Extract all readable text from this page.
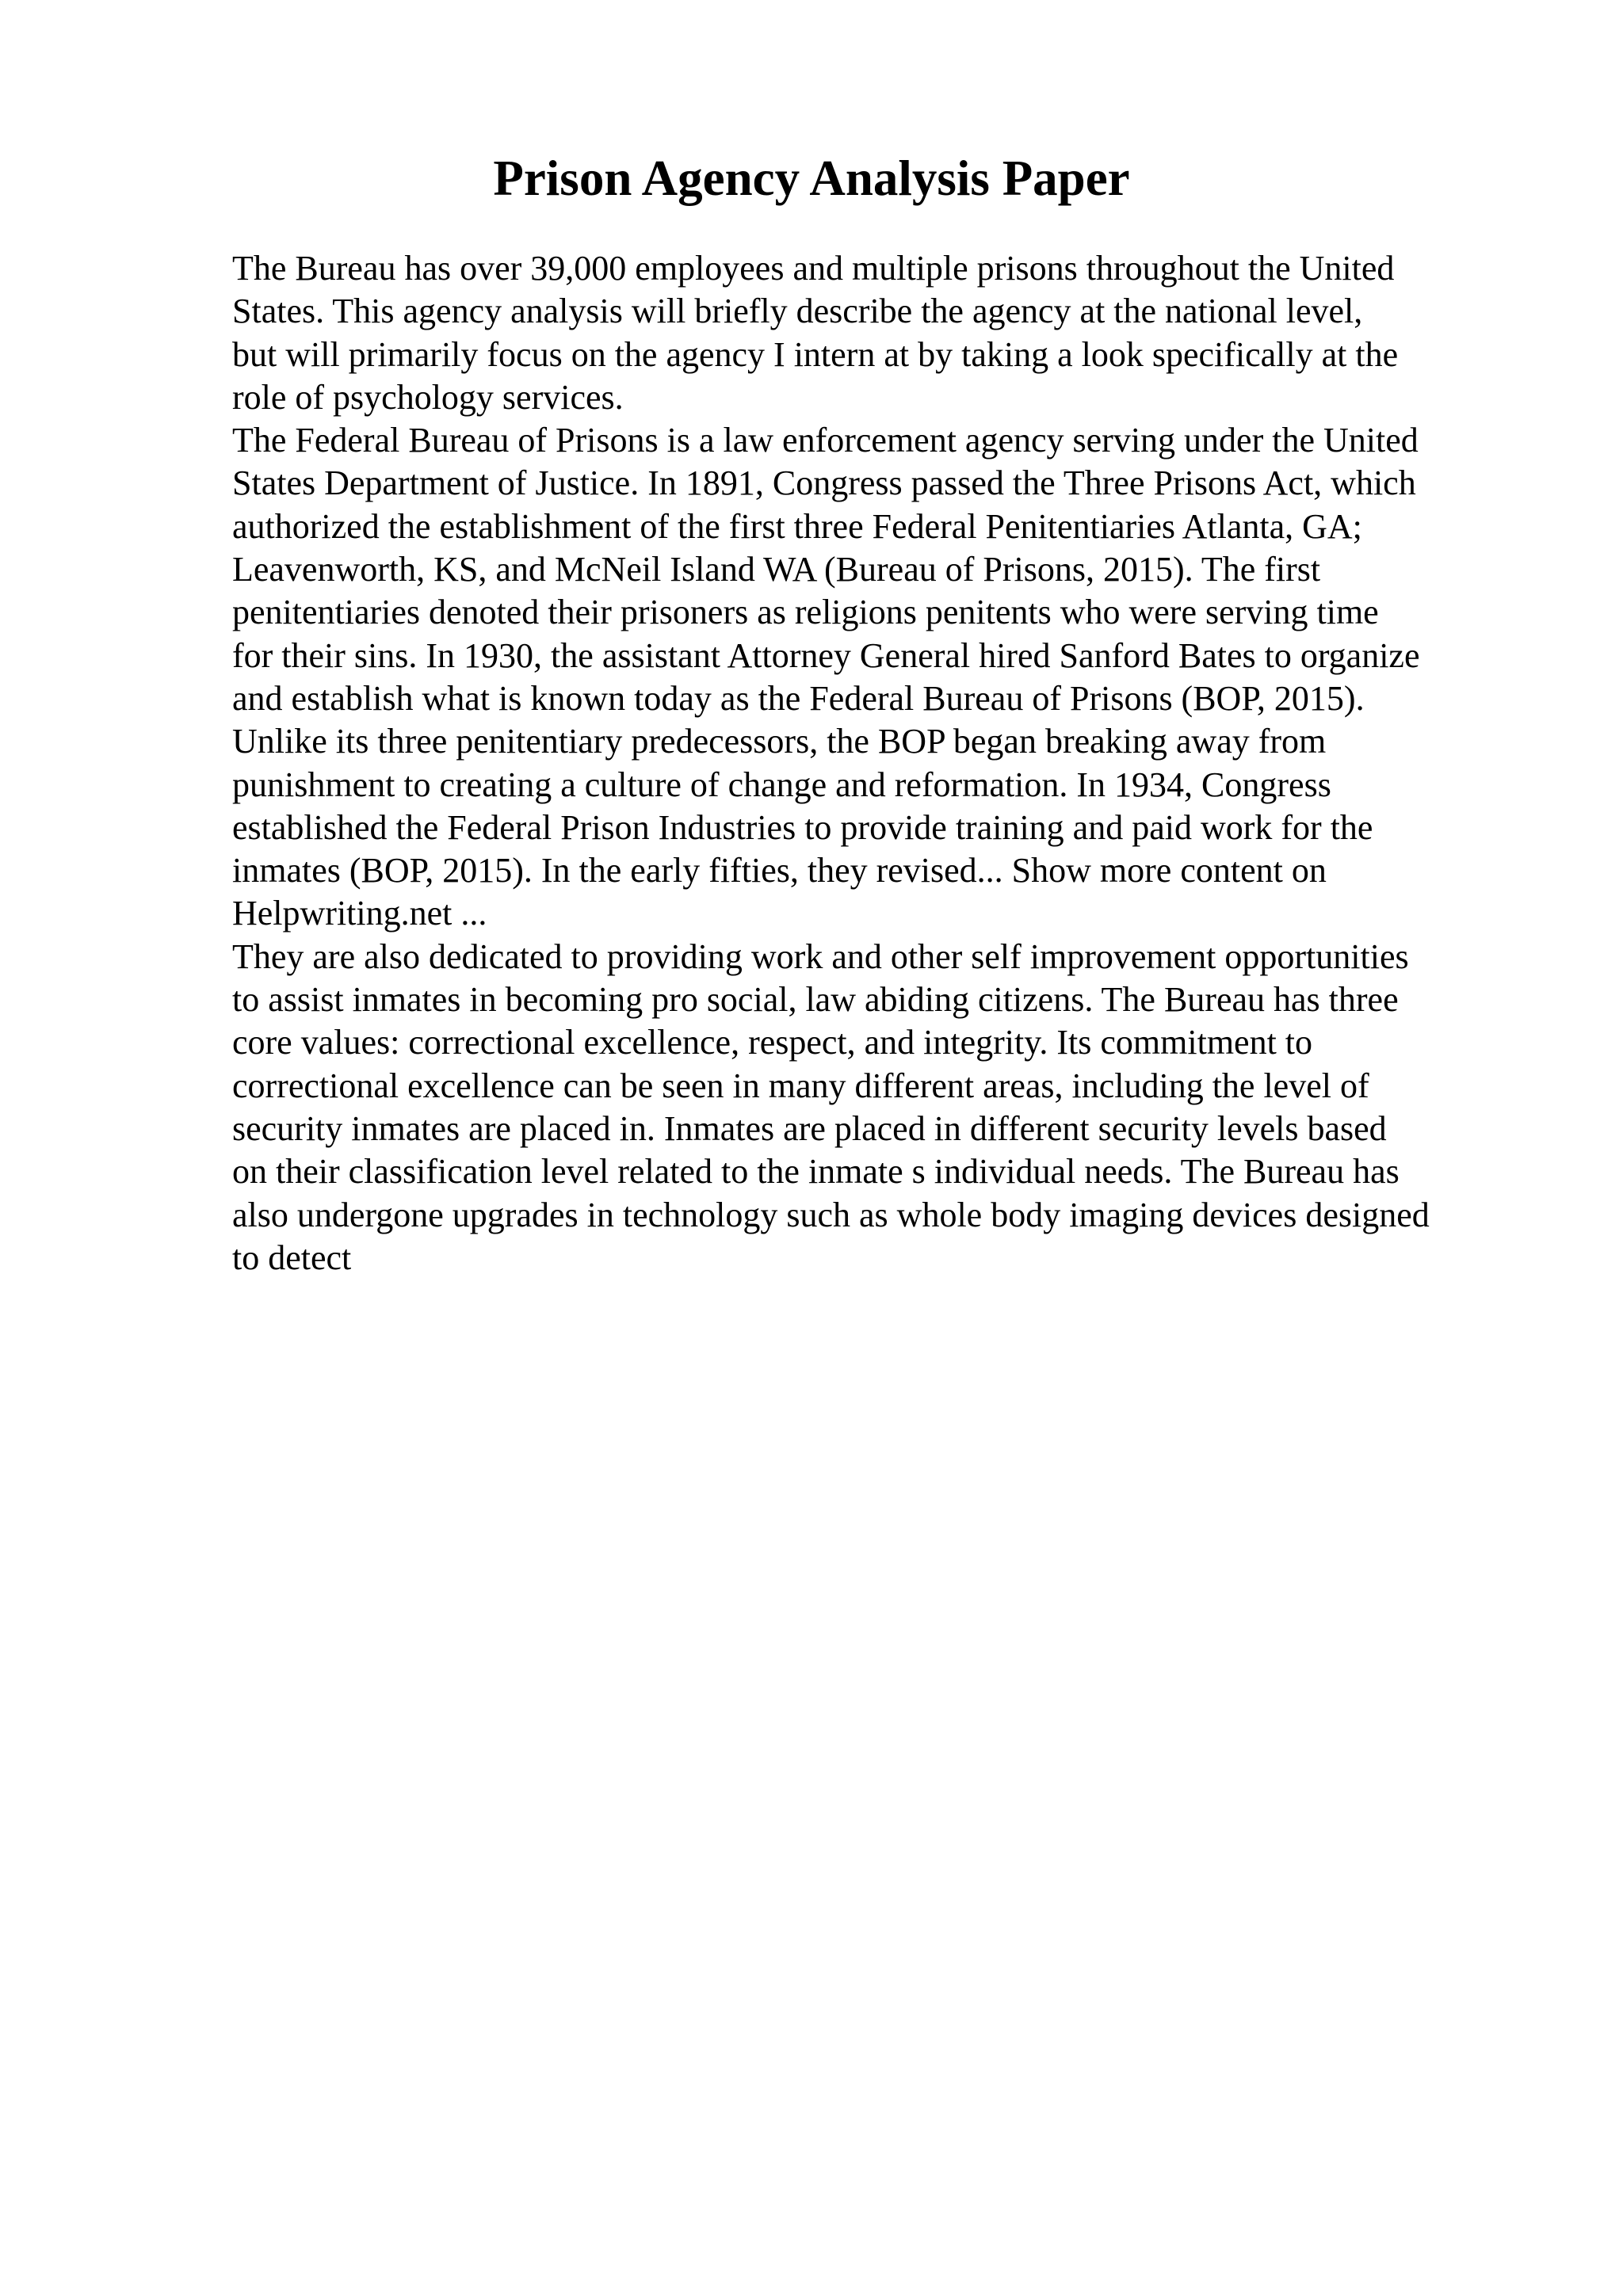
Prison Agency Analysis Paper

The Bureau has over 39,000 employees and multiple prisons throughout the United
States. This agency analysis will briefly describe the agency at the national level,
but will primarily focus on the agency I intern at by taking a look specifically at the
role of psychology services.

The Federal Bureau of Prisons is a law enforcement agency serving under the United
States Department of Justice. In 1891, Congress passed the Three Prisons Act, which
authorized the establishment of the first three Federal Penitentiaries Atlanta, GA;
Leavenworth, KS, and McNeil Island WA (Bureau of Prisons, 2015). The first
penitentiaries denoted their prisoners as religions penitents who were serving time
for their sins. In 1930, the assistant Attorney General hired Sanford Bates to organize
and establish what is known today as the Federal Bureau of Prisons (BOP, 2015).
Unlike its three penitentiary predecessors, the BOP began breaking away from
punishment to creating a culture of change and reformation. In 1934, Congress
established the Federal Prison Industries to provide training and paid work for the
inmates (BOP, 2015). In the early fifties, they revised... Show more content on
Helpwriting.net ...

They are also dedicated to providing work and other self improvement opportunities
to assist inmates in becoming pro social, law abiding citizens. The Bureau has three
core values: correctional excellence, respect, and integrity. Its commitment to
correctional excellence can be seen in many different areas, including the level of
security inmates are placed in. Inmates are placed in different security levels based
on their classification level related to the inmate s individual needs. The Bureau has
also undergone upgrades in technology such as whole body imaging devices designed
to detect
